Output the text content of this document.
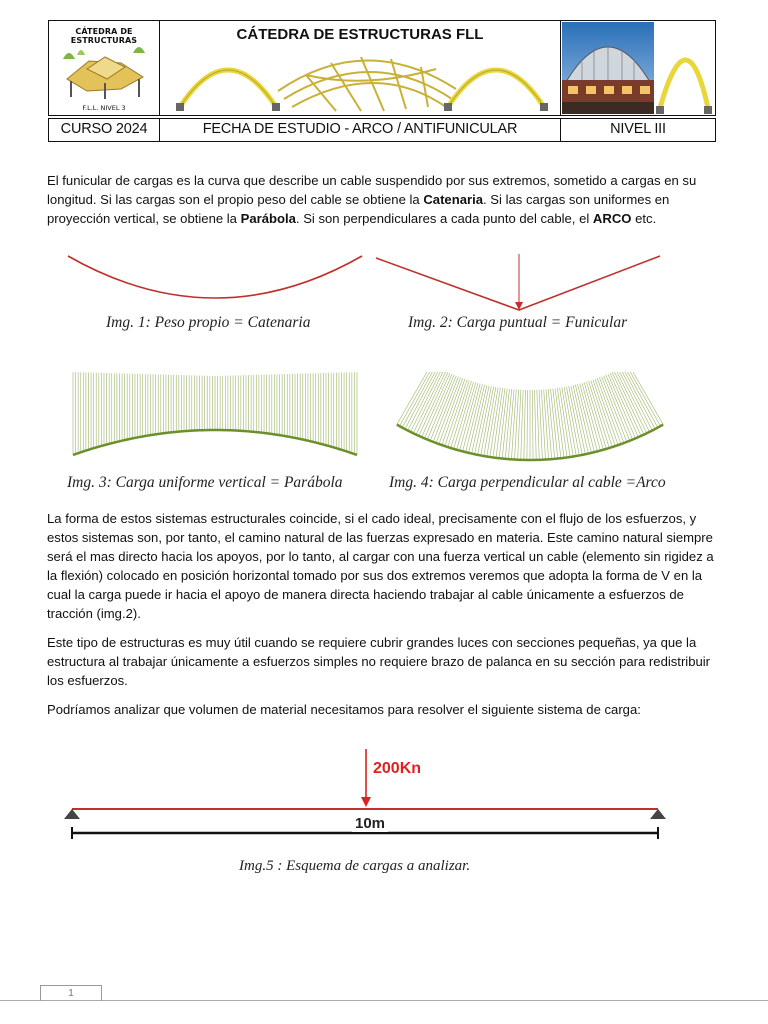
CÁTEDRA DE ESTRUCTURAS
F.L.L. NIVEL 3
CÁTEDRA DE ESTRUCTURAS FLL
CURSO 2024	FECHA DE ESTUDIO - ARCO / ANTIFUNICULAR	NIVEL III

El funicular de cargas es la curva que describe un cable suspendido por sus extremos, sometido a cargas en su longitud. Si las cargas son el propio peso del cable se obtiene la Catenaria. Si las cargas son uniformes en proyección vertical, se obtiene la Parábola. Si son perpendiculares a cada punto del cable, el ARCO etc.

Img. 1: Peso propio = Catenaria	Img. 2: Carga puntual = Funicular
Img. 3: Carga uniforme vertical = Parábola	Img. 4: Carga perpendicular al cable =Arco

La forma de estos sistemas estructurales coincide, si el cado ideal, precisamente con el flujo de los esfuerzos, y estos sistemas son, por tanto, el camino natural de las fuerzas expresado en materia. Este camino natural siempre será el mas directo hacia los apoyos, por lo tanto, al cargar con una fuerza vertical un cable (elemento sin rigidez a la flexión) colocado en posición horizontal tomado por sus dos extremos veremos que adopta la forma de V en la cual la carga puede ir hacia el apoyo de manera directa haciendo trabajar al cable únicamente a esfuerzos de tracción (img.2).

Este tipo de estructuras es muy útil cuando se requiere cubrir grandes luces con secciones pequeñas, ya que la estructura al trabajar únicamente a esfuerzos simples no requiere brazo de palanca en su sección para redistribuir los esfuerzos.

Podríamos analizar que volumen de material necesitamos para resolver el siguiente sistema de carga:

200Kn
10m
Img.5 : Esquema de cargas a analizar.
1
